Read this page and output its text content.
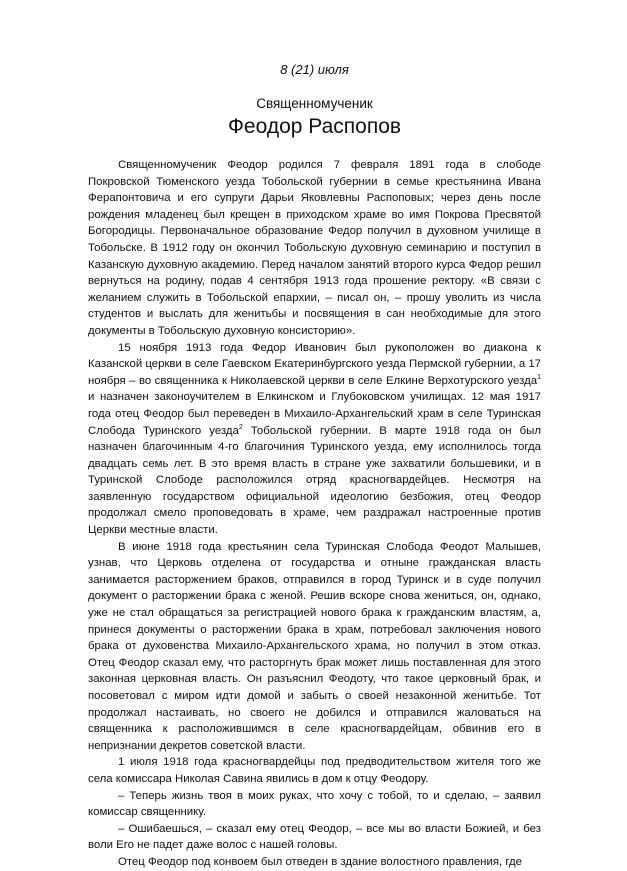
8 (21) июля
Священномученик
Феодор Распопов

Священномученик Феодор родился 7 февраля 1891 года в слободе Покровской Тюменского уезда Тобольской губернии в семье крестьянина Ивана Ферапонтовича и его супруги Дарьи Яковлевны Распоповых; через день после рождения младенец был крещен в приходском храме во имя Покрова Пресвятой Богородицы. Первоначальное образование Федор получил в духовном училище в Тобольске. В 1912 году он окончил Тобольскую духовную семинарию и поступил в Казанскую духовную академию. Перед началом занятий второго курса Федор решил вернуться на родину, подав 4 сентября 1913 года прошение ректору. «В связи с желанием служить в Тобольской епархии, – писал он, – прошу уволить из числа студентов и выслать для женитьбы и посвящения в сан необходимые для этого документы в Тобольскую духовную консисторию».

15 ноября 1913 года Федор Иванович был рукоположен во диакона к Казанской церкви в селе Гаевском Екатеринбургского уезда Пермской губернии, а 17 ноября – во священника к Николаевской церкви в селе Елкине Верхотурского уезда$^1$ и назначен законоучителем в Елкинском и Глубоковском училищах. 12 мая 1917 года отец Феодор был переведен в Михаило-Архангельский храм в селе Туринская Слобода Туринского уезда$^2$ Тобольской губернии. В марте 1918 года он был назначен благочинным 4-го благочиния Туринского уезда, ему исполнилось тогда двадцать семь лет. В это время власть в стране уже захватили большевики, и в Туринской Слободе расположился отряд красногвардейцев. Несмотря на заявленную государством официальной идеологию безбожия, отец Феодор продолжал смело проповедовать в храме, чем раздражал настроенные против Церкви местные власти.

В июне 1918 года крестьянин села Туринская Слобода Феодот Малышев, узнав, что Церковь отделена от государства и отныне гражданская власть занимается расторжением браков, отправился в город Туринск и в суде получил документ о расторжении брака с женой. Решив вскоре снова жениться, он, однако, уже не стал обращаться за регистрацией нового брака к гражданским властям, а, принеся документы о расторжении брака в храм, потребовал заключения нового брака от духовенства Михаило-Архангельского храма, но получил в этом отказ. Отец Феодор сказал ему, что расторгнуть брак может лишь поставленная для этого законная церковная власть. Он разъяснил Феодоту, что такое церковный брак, и посоветовал с миром идти домой и забыть о своей незаконной женитьбе. Тот продолжал настаивать, но своего не добился и отправился жаловаться на священника к расположившимся в селе красногвардейцам, обвинив его в непризнании декретов советской власти.

1 июля 1918 года красногвардейцы под предводительством жителя того же села комиссара Николая Савина явились в дом к отцу Феодору.

– Теперь жизнь твоя в моих руках, что хочу с тобой, то и сделаю, – заявил комиссар священнику.

– Ошибаешься, – сказал ему отец Феодор, – все мы во власти Божией, и без воли Его не падет даже волос с нашей головы.

Отец Феодор под конвоем был отведен в здание волостного правления, где
